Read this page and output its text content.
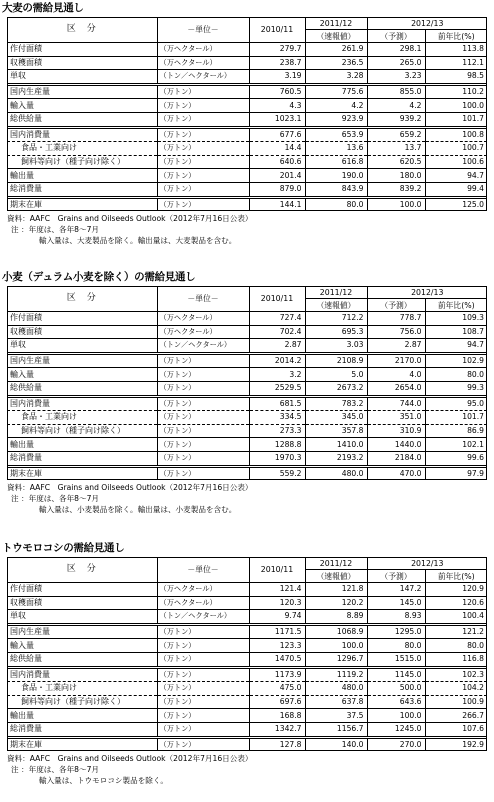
大麦の需給見通し
区　分	－単位－	2010/11	2011/12	2012/13	
			（速報値）	（予測）	前年比(%)
作付面積	（万ヘクタール）	279.7	261.9	298.1	113.8
収穫面積	（万ヘクタール）	238.7	236.5	265.0	112.1
単収	（トン／ヘクタール）	3.19	3.28	3.23	98.5
国内生産量	（万トン）	760.5	775.6	855.0	110.2
輸入量	（万トン）	4.3	4.2	4.2	100.0
総供給量	（万トン）	1023.1	923.9	939.2	101.7
国内消費量	（万トン）	677.6	653.9	659.2	100.8
食品・工業向け	（万トン）	14.4	13.6	13.7	100.7
飼料等向け（種子向け除く）	（万トン）	640.6	616.8	620.5	100.6
輸出量	（万トン）	201.4	190.0	180.0	94.7
総消費量	（万トン）	879.0	843.9	839.2	99.4
期末在庫	（万トン）	144.1	80.0	100.0	125.0
資料：AAFC　Grains and Oilseeds Outlook（2012年7月16日公表）
注 ：年度は、各年8～7月
輸入量は、大麦製品を除く。輸出量は、大麦製品を含む。
小麦（デュラム小麦を除く）の需給見通し
区　分	－単位－	2010/11	2011/12	2012/13	
			（速報値）	（予測）	前年比(%)
作付面積	（万ヘクタール）	727.4	712.2	778.7	109.3
収穫面積	（万ヘクタール）	702.4	695.3	756.0	108.7
単収	（トン／ヘクタール）	2.87	3.03	2.87	94.7
国内生産量	（万トン）	2014.2	2108.9	2170.0	102.9
輸入量	（万トン）	3.2	5.0	4.0	80.0
総供給量	（万トン）	2529.5	2673.2	2654.0	99.3
国内消費量	（万トン）	681.5	783.2	744.0	95.0
食品・工業向け	（万トン）	334.5	345.0	351.0	101.7
飼料等向け（種子向け除く）	（万トン）	273.3	357.8	310.9	86.9
輸出量	（万トン）	1288.8	1410.0	1440.0	102.1
総消費量	（万トン）	1970.3	2193.2	2184.0	99.6
期末在庫	（万トン）	559.2	480.0	470.0	97.9
資料：AAFC　Grains and Oilseeds Outlook（2012年7月16日公表）
注 ：年度は、各年8～7月
輸入量は、小麦製品を除く。輸出量は、小麦製品を含む。
トウモロコシの需給見通し
区　分	－単位－	2010/11	2011/12	2012/13	
			（速報値）	（予測）	前年比(%)
作付面積	（万ヘクタール）	121.4	121.8	147.2	120.9
収穫面積	（万ヘクタール）	120.3	120.2	145.0	120.6
単収	（トン／ヘクタール）	9.74	8.89	8.93	100.4
国内生産量	（万トン）	1171.5	1068.9	1295.0	121.2
輸入量	（万トン）	123.3	100.0	80.0	80.0
総供給量	（万トン）	1470.5	1296.7	1515.0	116.8
国内消費量	（万トン）	1173.9	1119.2	1145.0	102.3
食品・工業向け	（万トン）	475.0	480.0	500.0	104.2
飼料等向け（種子向け除く）	（万トン）	697.6	637.8	643.6	100.9
輸出量	（万トン）	168.8	37.5	100.0	266.7
総消費量	（万トン）	1342.7	1156.7	1245.0	107.6
期末在庫	（万トン）	127.8	140.0	270.0	192.9
資料：AAFC　Grains and Oilseeds Outlook（2012年7月16日公表）
注 ：年度は、各年8～7月
輸入量は、トウモロコシ製品を除く。
